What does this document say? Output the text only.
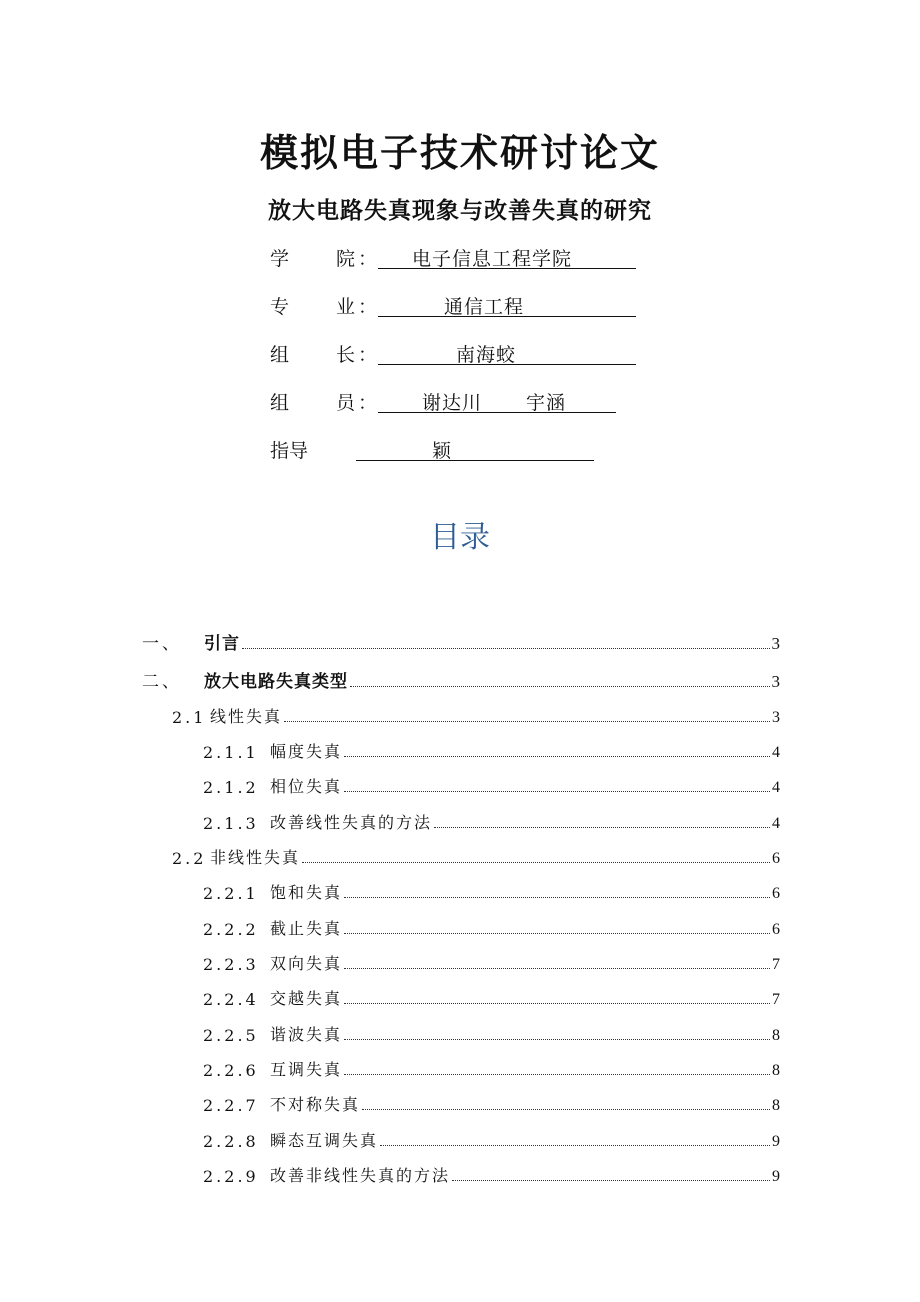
模拟电子技术研讨论文
放大电路失真现象与改善失真的研究
学 院 ：	电子信息工程学院
专 业 ：	通信工程
组 长 ：	南海蛟
组 员 ：	谢达川 宇涵
指导	颖
目录
一、	引言	3
二、	放大电路失真类型	3
2.1 线性失真	3
2.1.1 幅度失真	4
2.1.2 相位失真	4
2.1.3 改善线性失真的方法	4
2.2 非线性失真	6
2.2.1 饱和失真	6
2.2.2 截止失真	6
2.2.3 双向失真	7
2.2.4 交越失真	7
2.2.5 谐波失真	8
2.2.6 互调失真	8
2.2.7 不对称失真	8
2.2.8 瞬态互调失真	9
2.2.9 改善非线性失真的方法	9
